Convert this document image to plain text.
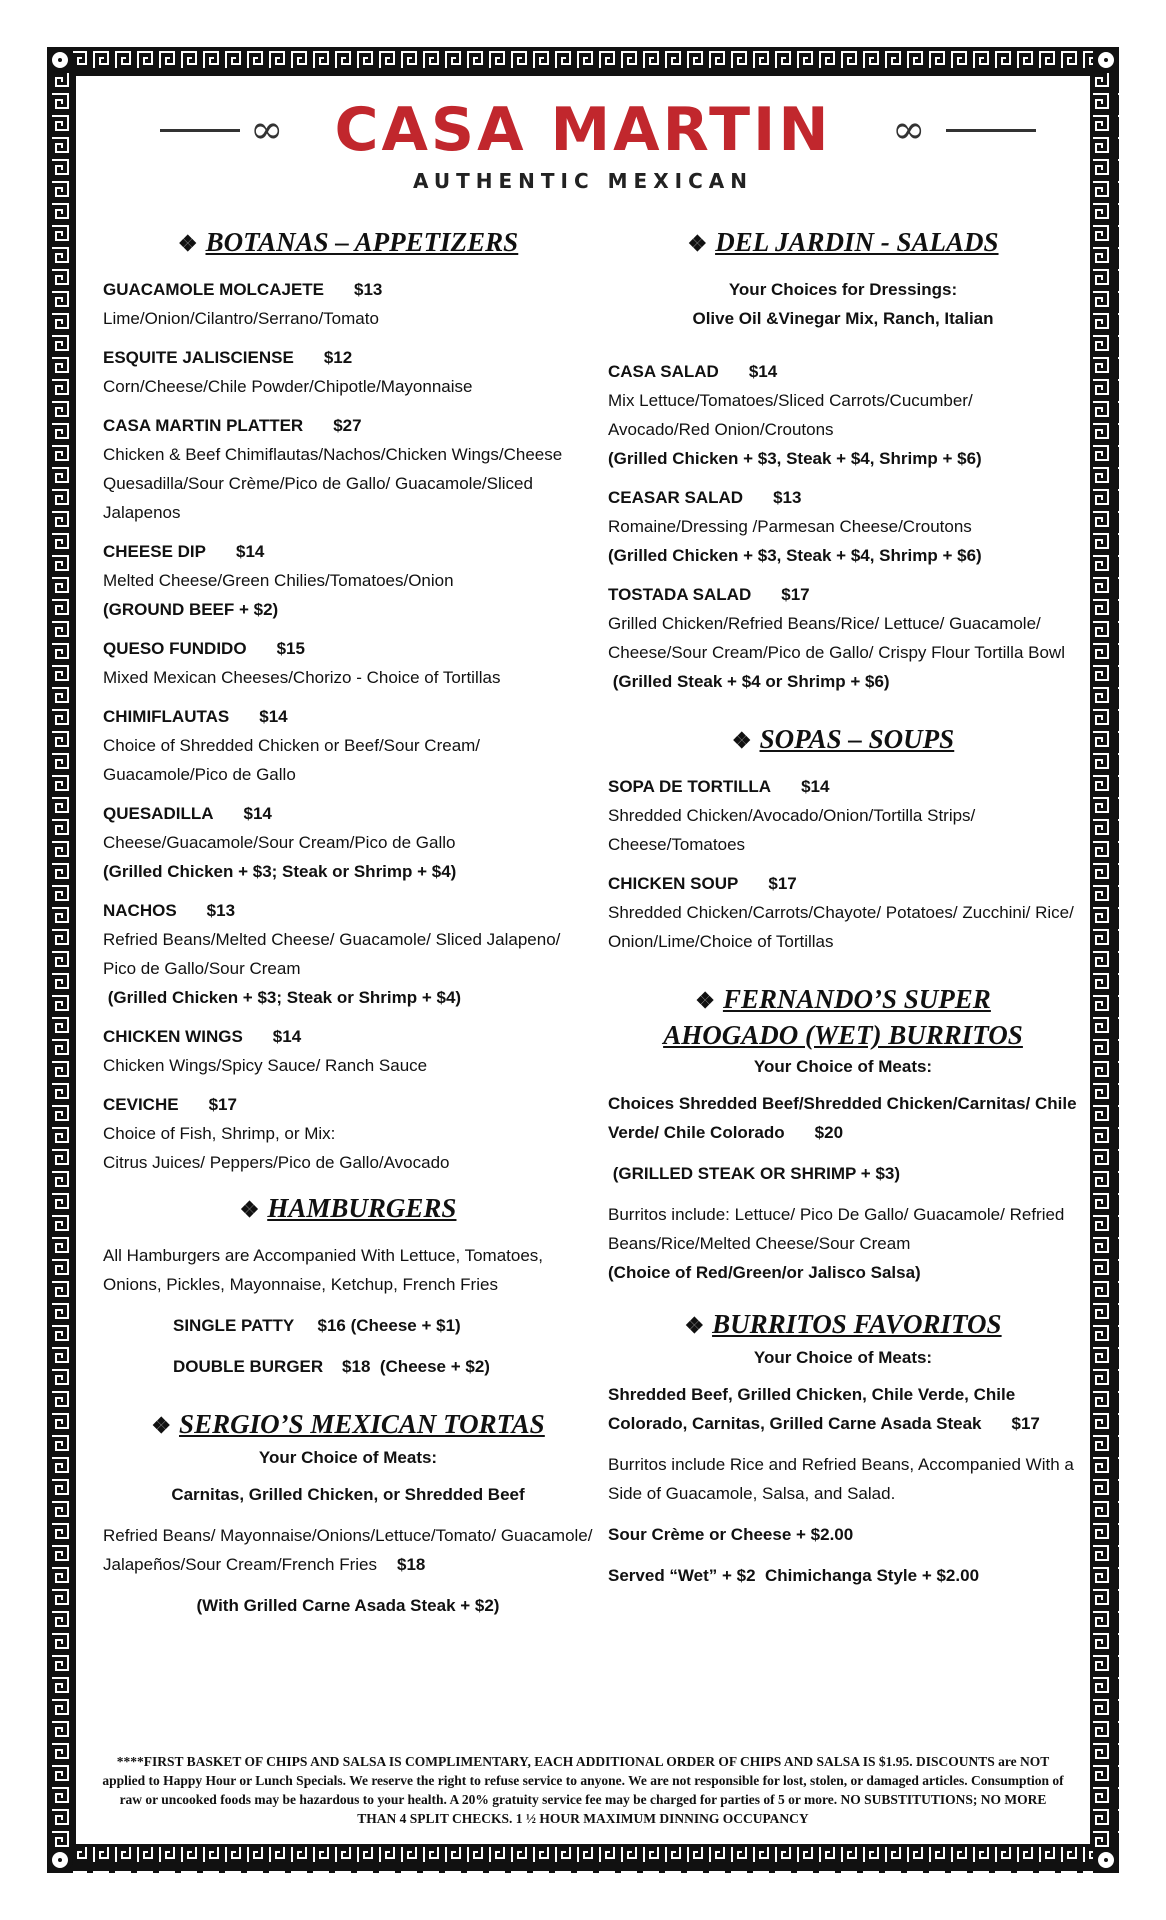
∞ CASA MARTIN ∞
AUTHENTIC MEXICAN
❖ BOTANAS – APPETIZERS
GUACAMOLE MOLCAJETE $13
Lime/Onion/Cilantro/Serrano/Tomato
ESQUITE JALISCIENSE $12
Corn/Cheese/Chile Powder/Chipotle/Mayonnaise
CASA MARTIN PLATTER $27
Chicken & Beef Chimiflautas/Nachos/Chicken Wings/Cheese Quesadilla/Sour Crème/Pico de Gallo/ Guacamole/Sliced Jalapenos
CHEESE DIP $14
Melted Cheese/Green Chilies/Tomatoes/Onion
(GROUND BEEF + $2)
QUESO FUNDIDO $15
Mixed Mexican Cheeses/Chorizo - Choice of Tortillas
CHIMIFLAUTAS $14
Choice of Shredded Chicken or Beef/Sour Cream/ Guacamole/Pico de Gallo
QUESADILLA $14
Cheese/Guacamole/Sour Cream/Pico de Gallo
(Grilled Chicken + $3; Steak or Shrimp + $4)
NACHOS $13
Refried Beans/Melted Cheese/ Guacamole/ Sliced Jalapeno/ Pico de Gallo/Sour Cream
(Grilled Chicken + $3; Steak or Shrimp + $4)
CHICKEN WINGS $14
Chicken Wings/Spicy Sauce/ Ranch Sauce
CEVICHE $17
Choice of Fish, Shrimp, or Mix:
Citrus Juices/ Peppers/Pico de Gallo/Avocado
❖ HAMBURGERS
All Hamburgers are Accompanied With Lettuce, Tomatoes, Onions, Pickles, Mayonnaise, Ketchup, French Fries
SINGLE PATTY     $16 (Cheese + $1)
DOUBLE BURGER    $18  (Cheese + $2)
❖ SERGIO’S MEXICAN TORTAS
Your Choice of Meats:
Carnitas, Grilled Chicken, or Shredded Beef
Refried Beans/ Mayonnaise/Onions/Lettuce/Tomato/ Guacamole/ Jalapeños/Sour Cream/French Fries $18
(With Grilled Carne Asada Steak + $2)
❖ DEL JARDIN - SALADS
Your Choices for Dressings:
Olive Oil &Vinegar Mix, Ranch, Italian
CASA SALAD $14
Mix Lettuce/Tomatoes/Sliced Carrots/Cucumber/ Avocado/Red Onion/Croutons
(Grilled Chicken + $3, Steak + $4, Shrimp + $6)
CEASAR SALAD $13
Romaine/Dressing /Parmesan Cheese/Croutons
(Grilled Chicken + $3, Steak + $4, Shrimp + $6)
TOSTADA SALAD $17
Grilled Chicken/Refried Beans/Rice/ Lettuce/ Guacamole/ Cheese/Sour Cream/Pico de Gallo/ Crispy Flour Tortilla Bowl
(Grilled Steak + $4 or Shrimp + $6)
❖ SOPAS – SOUPS
SOPA DE TORTILLA $14
Shredded Chicken/Avocado/Onion/Tortilla Strips/ Cheese/Tomatoes
CHICKEN SOUP $17
Shredded Chicken/Carrots/Chayote/ Potatoes/ Zucchini/ Rice/ Onion/Lime/Choice of Tortillas
❖ FERNANDO’S SUPER
AHOGADO (WET) BURRITOS
Your Choice of Meats:
Choices Shredded Beef/Shredded Chicken/Carnitas/ Chile Verde/ Chile Colorado $20
(GRILLED STEAK OR SHRIMP + $3)
Burritos include: Lettuce/ Pico De Gallo/ Guacamole/ Refried Beans/Rice/Melted Cheese/Sour Cream
(Choice of Red/Green/or Jalisco Salsa)
❖ BURRITOS FAVORITOS
Your Choice of Meats:
Shredded Beef, Grilled Chicken, Chile Verde, Chile Colorado, Carnitas, Grilled Carne Asada Steak $17
Burritos include Rice and Refried Beans, Accompanied With a Side of Guacamole, Salsa, and Salad.
Sour Crème or Cheese + $2.00
Served “Wet” + $2  Chimichanga Style + $2.00
****FIRST BASKET OF CHIPS AND SALSA IS COMPLIMENTARY, EACH ADDITIONAL ORDER OF CHIPS AND SALSA IS $1.95. DISCOUNTS are NOT applied to Happy Hour or Lunch Specials. We reserve the right to refuse service to anyone. We are not responsible for lost, stolen, or damaged articles. Consumption of raw or uncooked foods may be hazardous to your health. A 20% gratuity service fee may be charged for parties of 5 or more. NO SUBSTITUTIONS; NO MORE THAN 4 SPLIT CHECKS. 1 ½ HOUR MAXIMUM DINNING OCCUPANCY
